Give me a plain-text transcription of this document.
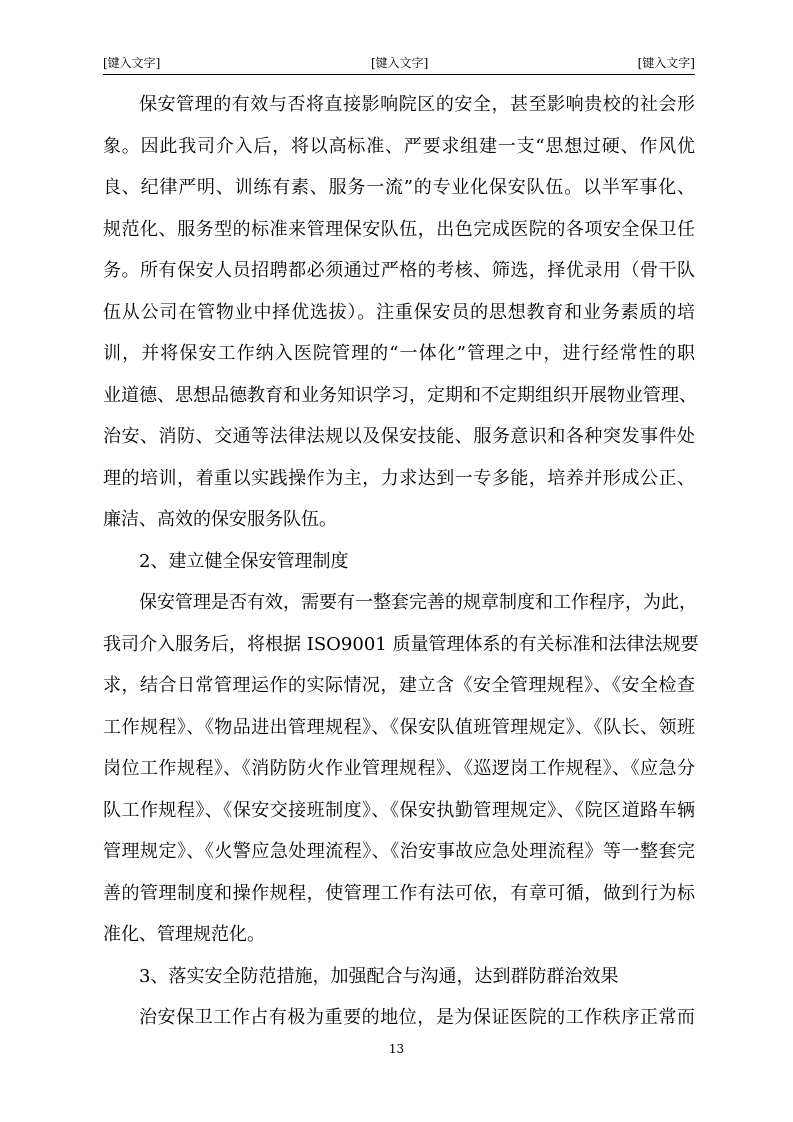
[键入文字]	[键入文字]	[键入文字]
保安管理的有效与否将直接影响院区的安全，甚至影响贵校的社会形
象。因此我司介入后，将以高标准、严要求组建一支“思想过硬、作风优
良、纪律严明、训练有素、服务一流”的专业化保安队伍。以半军事化、
规范化、服务型的标准来管理保安队伍，出色完成医院的各项安全保卫任
务。所有保安人员招聘都必须通过严格的考核、筛选，择优录用（骨干队
伍从公司在管物业中择优选拔）。注重保安员的思想教育和业务素质的培
训，并将保安工作纳入医院管理的“一体化”管理之中，进行经常性的职
业道德、思想品德教育和业务知识学习，定期和不定期组织开展物业管理、
治安、消防、交通等法律法规以及保安技能、服务意识和各种突发事件处
理的培训，着重以实践操作为主，力求达到一专多能，培养并形成公正、
廉洁、高效的保安服务队伍。
2、建立健全保安管理制度
保安管理是否有效，需要有一整套完善的规章制度和工作程序，为此，
我司介入服务后，将根据 ISO9001 质量管理体系的有关标准和法律法规要
求，结合日常管理运作的实际情况，建立含《安全管理规程》、《安全检查
工作规程》、《物品进出管理规程》、《保安队值班管理规定》、《队长、领班
岗位工作规程》、《消防防火作业管理规程》、《巡逻岗工作规程》、《应急分
队工作规程》、《保安交接班制度》、《保安执勤管理规定》、《院区道路车辆
管理规定》、《火警应急处理流程》、《治安事故应急处理流程》等一整套完
善的管理制度和操作规程，使管理工作有法可依，有章可循，做到行为标
准化、管理规范化。
3、落实安全防范措施，加强配合与沟通，达到群防群治效果
治安保卫工作占有极为重要的地位，是为保证医院的工作秩序正常而
13
